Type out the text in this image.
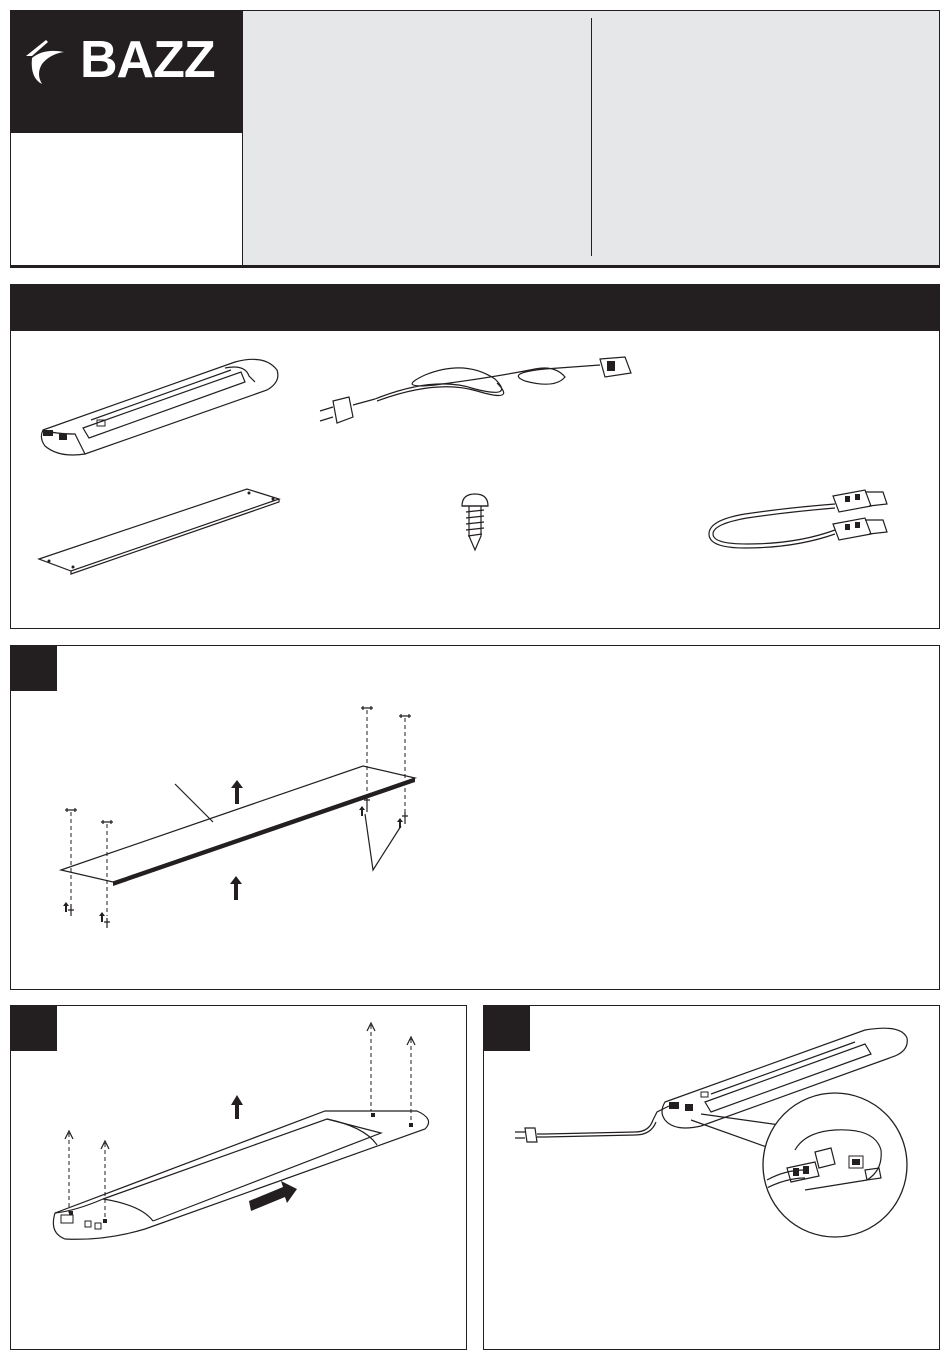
BAZZ
